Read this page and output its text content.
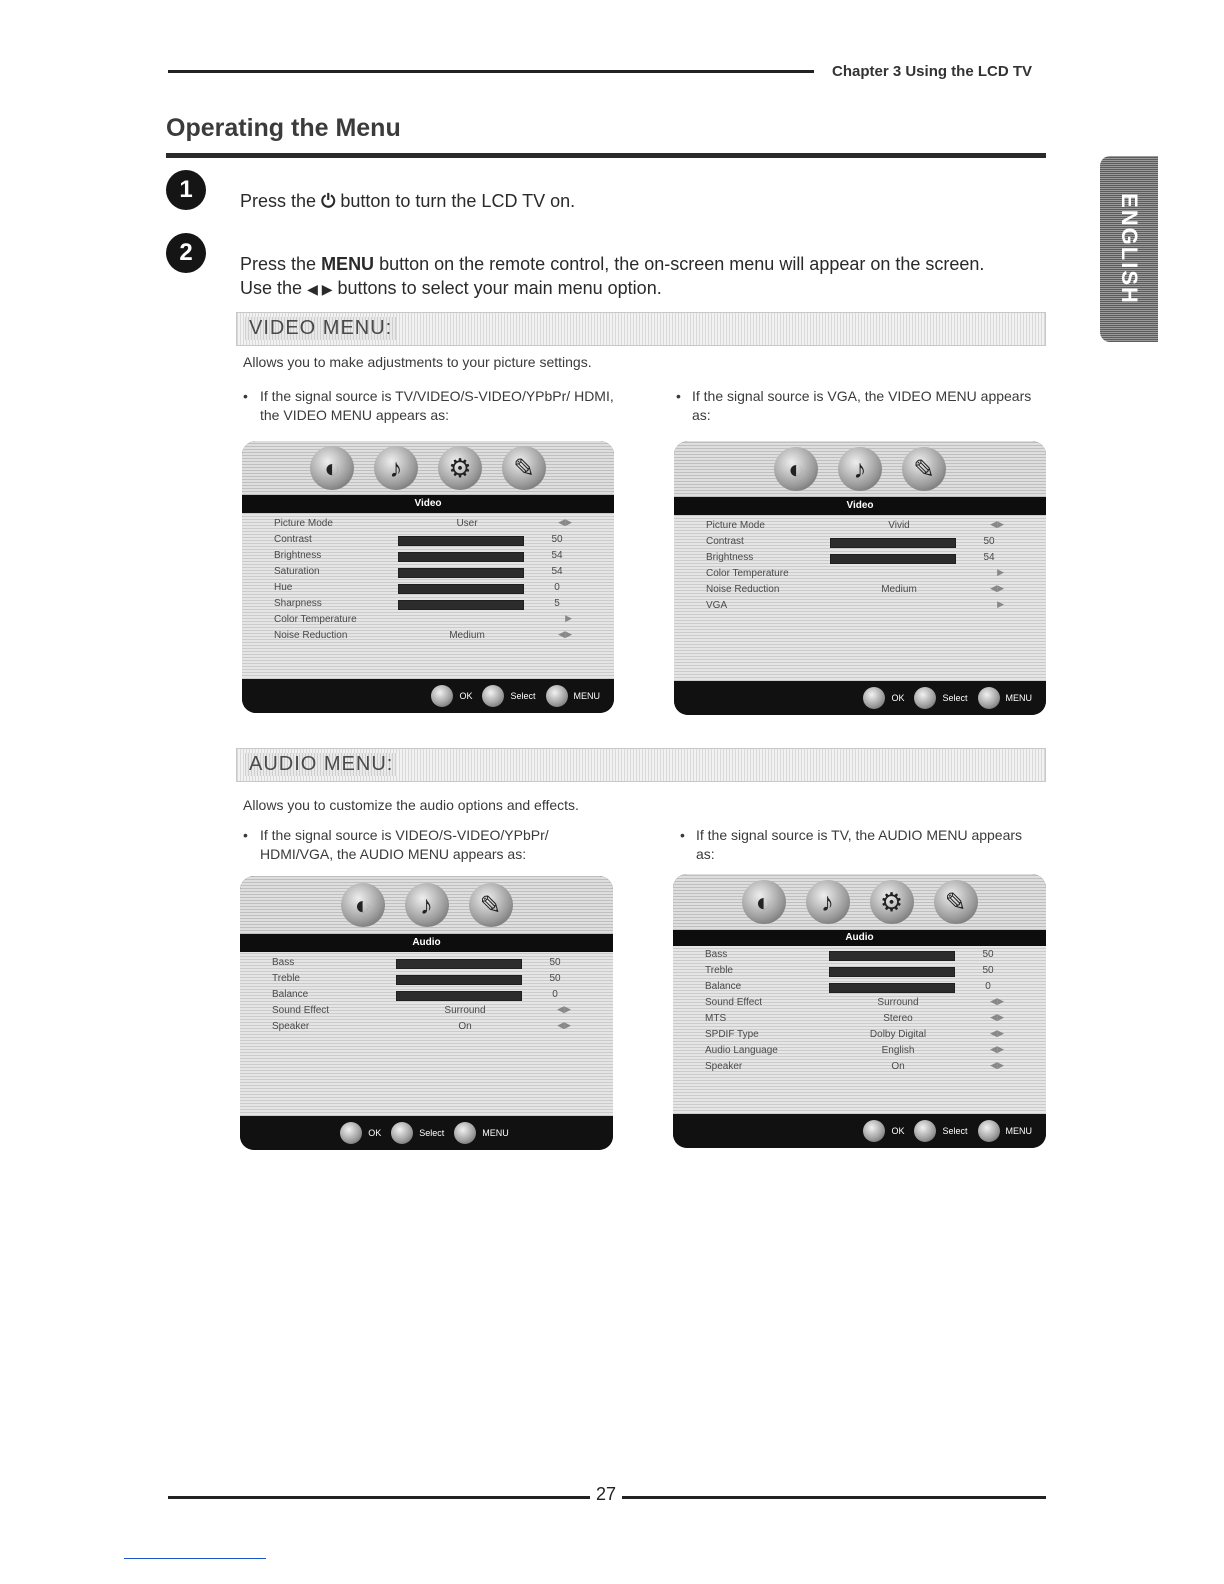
Chapter 3 Using the LCD TV
Operating the Menu
ENGLISH
1	Press the ⏻ button to turn the LCD TV on.
2	Press the MENU button on the remote control, the on-screen menu will appear on the screen. Use the ◀ ▶ buttons to select your main menu option.
VIDEO MENU:
Allows you to make adjustments to your picture settings.
• If the signal source is TV/VIDEO/S-VIDEO/YPbPr/ HDMI, the VIDEO MENU appears as:
• If the signal source is VGA, the VIDEO MENU appears as:
◐	♪	⚙	✎
Video
Picture Mode	User	◀▶
Contrast	50
Brightness	54
Saturation	54
Hue	0
Sharpness	5
Color Temperature	▶
Noise Reduction	Medium	◀▶
OK	Select	MENU
◐	♪	✎
Video
Picture Mode	Vivid	◀▶
Contrast	50
Brightness	54
Color Temperature	▶
Noise Reduction	Medium	◀▶
VGA	▶
OK	Select	MENU
AUDIO MENU:
Allows you to customize the audio options and effects.
• If the signal source is VIDEO/S-VIDEO/YPbPr/ HDMI/VGA, the AUDIO MENU appears as:
• If the signal source is TV, the AUDIO MENU appears as:
◐	♪	✎
Audio
Bass	50
Treble	50
Balance	0
Sound Effect	Surround	◀▶
Speaker	On	◀▶
OK	Select	MENU
◐	♪	⚙	✎
Audio
Bass	50
Treble	50
Balance	0
Sound Effect	Surround	◀▶
MTS	Stereo	◀▶
SPDIF Type	Dolby Digital	◀▶
Audio Language	English	◀▶
Speaker	On	◀▶
OK	Select	MENU
27
